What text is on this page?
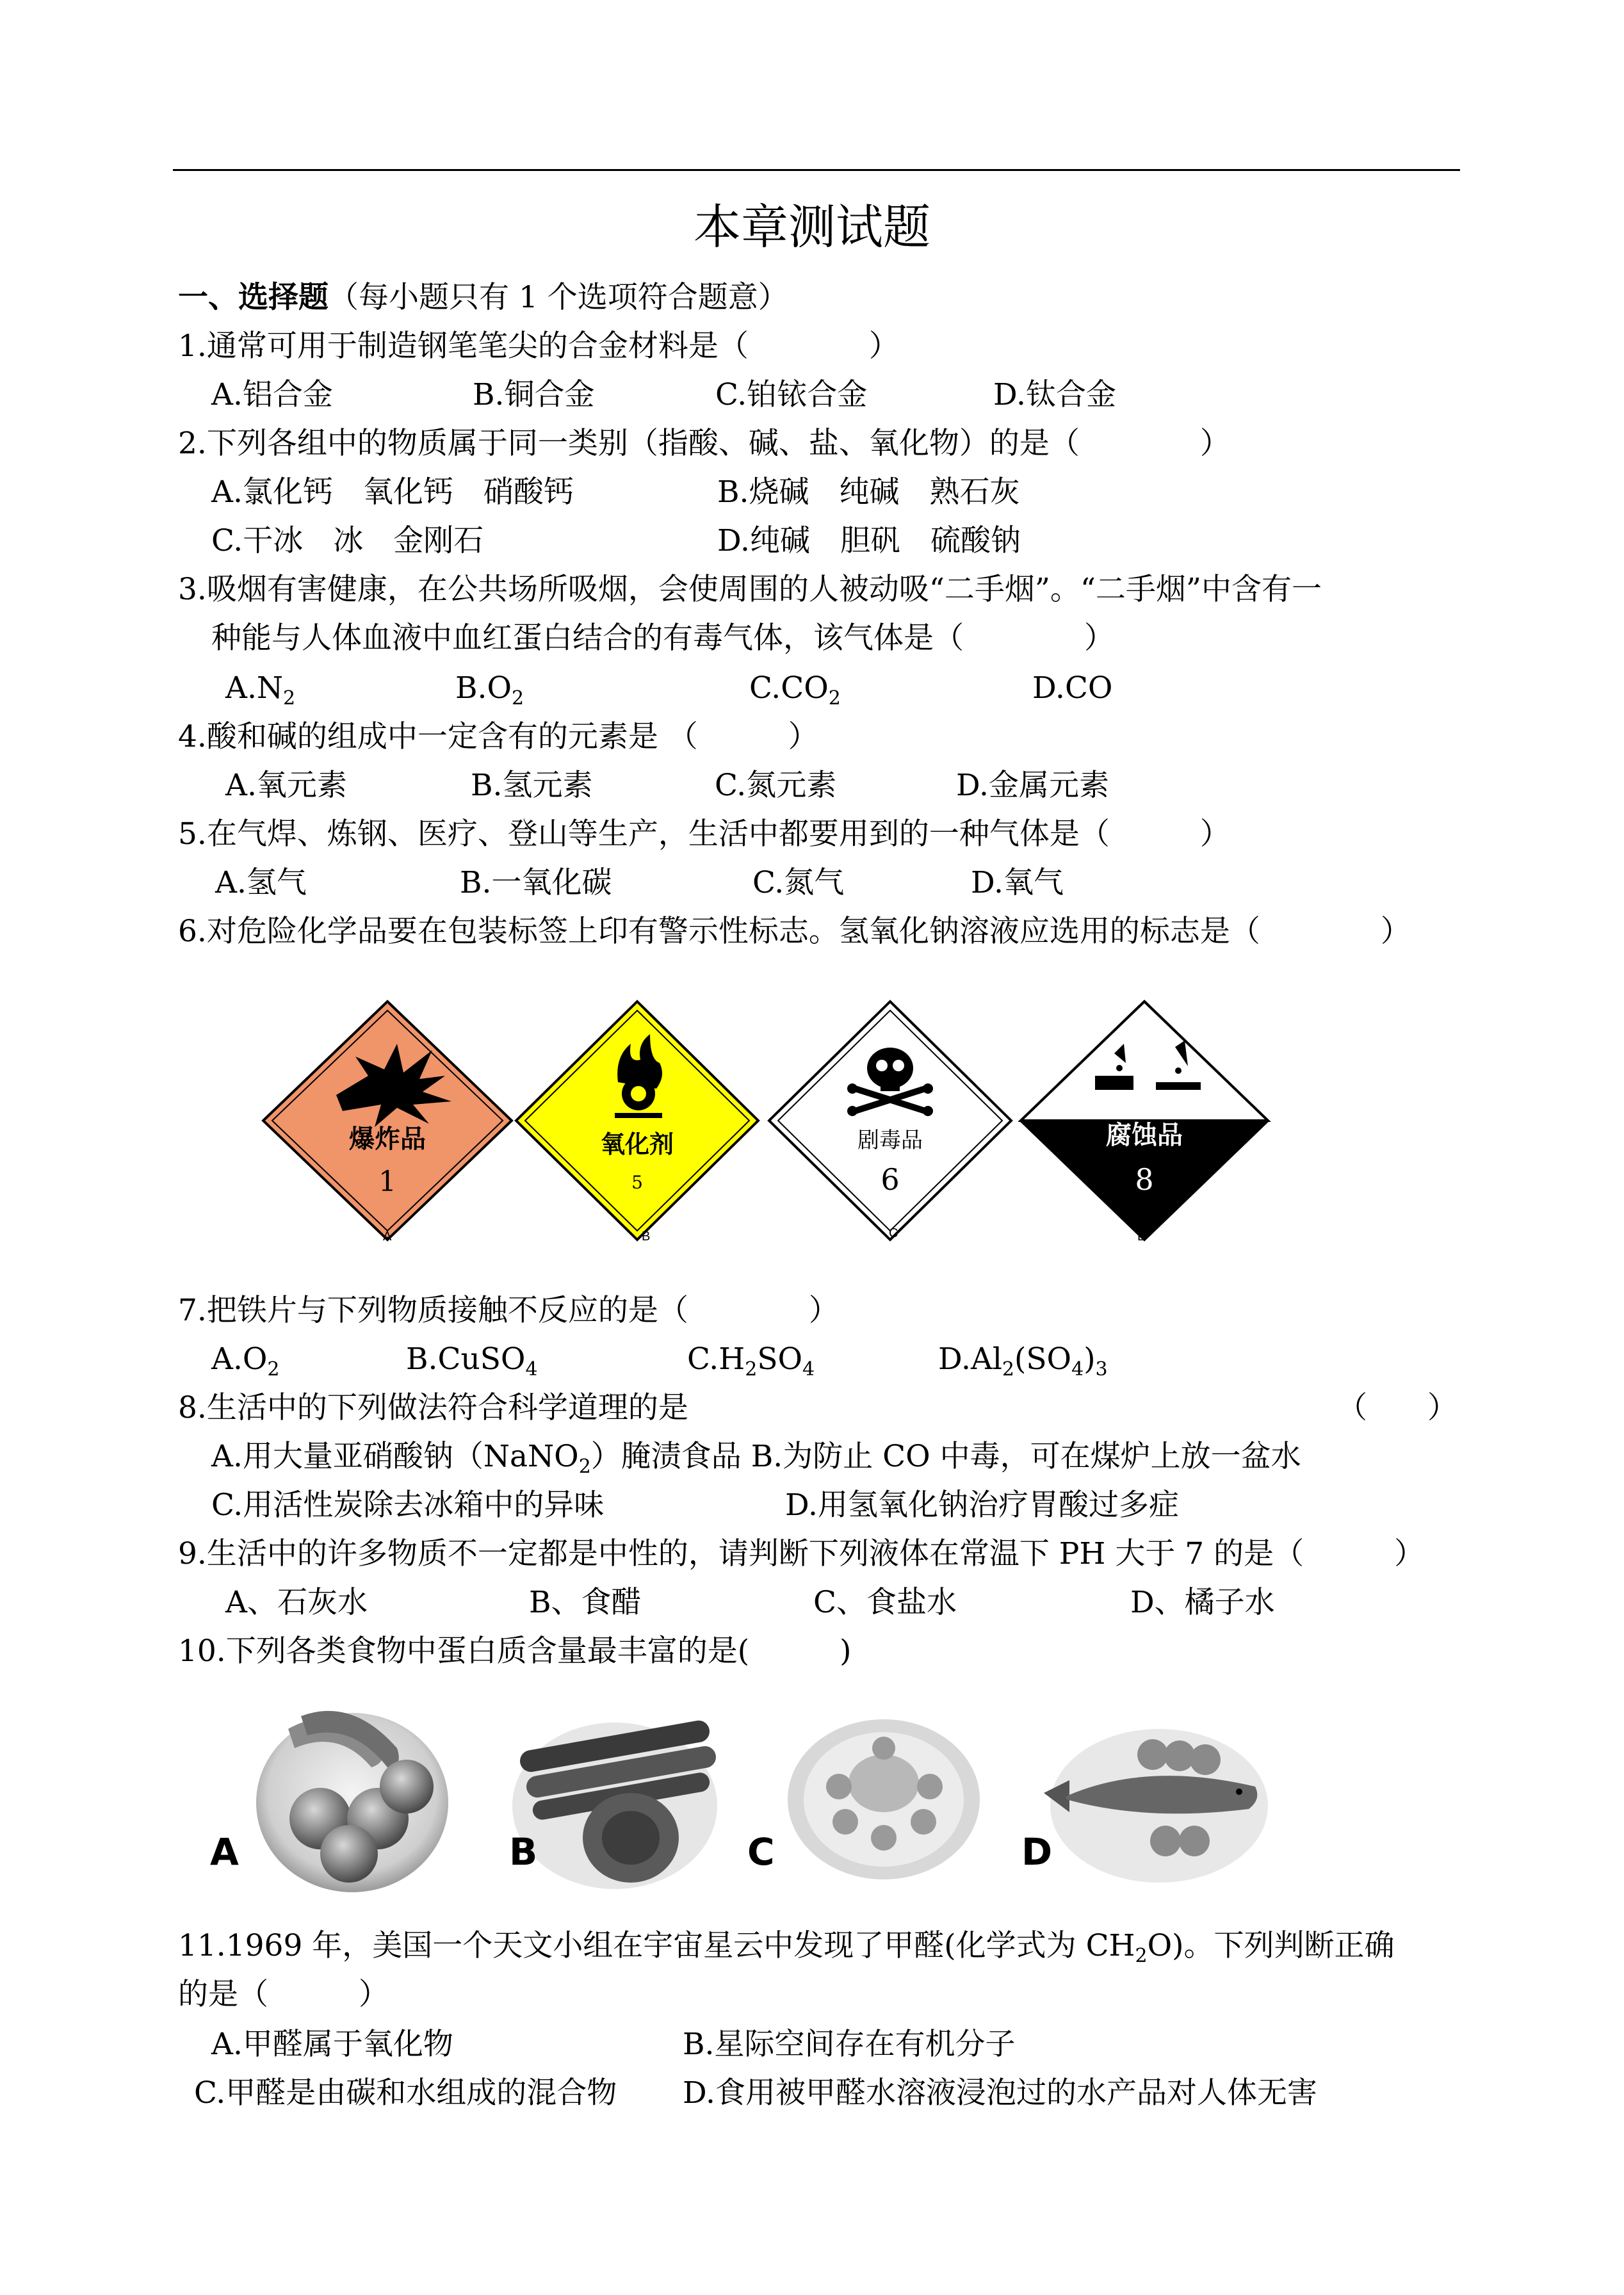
本章测试题
一、选择题（每小题只有 1 个选项符合题意）
1.通常可用于制造钢笔笔尖的合金材料是（　　　　）
A.铝合金	B.铜合金	C.铂铱合金	D.钛合金
2.下列各组中的物质属于同一类别（指酸、碱、盐、氧化物）的是（　　　　）
A.氯化钙　氧化钙　硝酸钙	B.烧碱　纯碱　熟石灰
C.干冰　冰　金刚石	D.纯碱　胆矾　硫酸钠
3.吸烟有害健康，在公共场所吸烟，会使周围的人被动吸“二手烟”。“二手烟”中含有一
种能与人体血液中血红蛋白结合的有毒气体，该气体是（　　　　）
$A.N_2$	$B.O_2$	$C.CO_2$	D.CO
4.酸和碱的组成中一定含有的元素是 （　　　）
A.氧元素	B.氢元素	C.氮元素	D.金属元素
5.在气焊、炼钢、医疗、登山等生产，生活中都要用到的一种气体是（　　　）
A.氢气	B.一氧化碳	C.氮气	D.氧气
6.对危险化学品要在包装标签上印有警示性标志。氢氧化钠溶液应选用的标志是（　　　　）
爆炸品
1
氧化剂
5
剧毒品
6
腐蚀品
8
A	B	C	D
7.把铁片与下列物质接触不反应的是（　　　　）
$A.O_2$	B.CuSO$_4$	$C.H_2SO_4$	$D.Al_2(SO_4)_3$
8.生活中的下列做法符合科学道理的是	（　　）
A.用大量亚硝酸钠（NaNO$_2$）腌渍食品 B.为防止 CO 中毒，可在煤炉上放一盆水
C.用活性炭除去冰箱中的异味	D.用氢氧化钠治疗胃酸过多症
9.生活中的许多物质不一定都是中性的，请判断下列液体在常温下 PH 大于 7 的是（　　　）
A、石灰水	B、食醋	C、食盐水	D、橘子水
10.下列各类食物中蛋白质含量最丰富的是(　　　)
A	B	C	D
11.1969 年，美国一个天文小组在宇宙星云中发现了甲醛(化学式为 $CH_2O$)。下列判断正确
的是（　　　）
A.甲醛属于氧化物	B.星际空间存在有机分子
C.甲醛是由碳和水组成的混合物 D.食用被甲醛水溶液浸泡过的水产品对人体无害
